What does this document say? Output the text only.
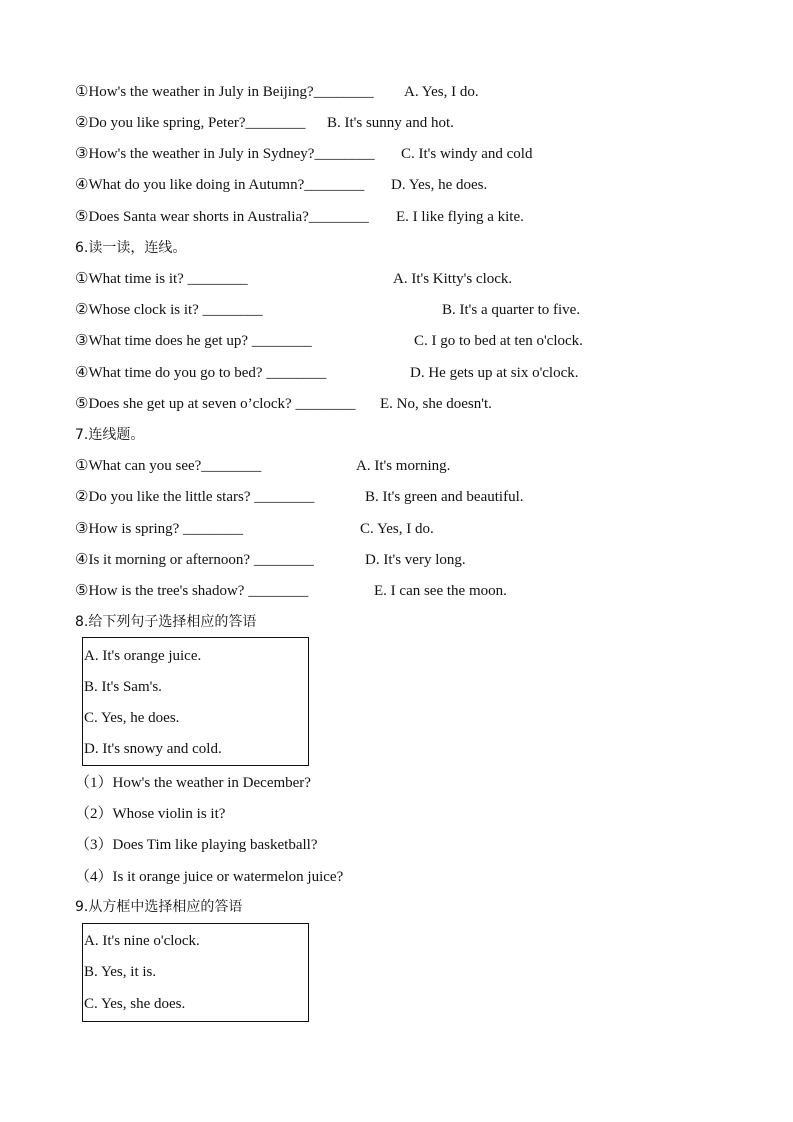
①How's the weather in July in Beijing?________ A. Yes, I do.
②Do you like spring, Peter?________ B. It's sunny and hot.
③How's the weather in July in Sydney?________ C. It's windy and cold
④What do you like doing in Autumn?________ D. Yes, he does.
⑤Does Santa wear shorts in Australia?________ E. I like flying a kite.
6.读一读，连线。
①What time is it? ________	A. It's Kitty's clock.
②Whose clock is it? ________	B. It's a quarter to five.
③What time does he get up? ________	C. I go to bed at ten o'clock.
④What time do you go to bed? ________	D. He gets up at six o'clock.
⑤Does she get up at seven o’clock? ________ E. No, she doesn't.
7.连线题。
①What can you see?________	A. It's morning.
②Do you like the little stars? ________	B. It's green and beautiful.
③How is spring? ________	C. Yes, I do.
④Is it morning or afternoon? ________	D. It's very long.
⑤How is the tree's shadow? ________	E. I can see the moon.
8.给下列句子选择相应的答语
A. It's orange juice.
B. It's Sam's.
C. Yes, he does.
D. It's snowy and cold.
（1）How's the weather in December?
（2）Whose violin is it?
（3）Does Tim like playing basketball?
（4）Is it orange juice or watermelon juice?
9.从方框中选择相应的答语
A. It's nine o'clock.
B. Yes, it is.
C. Yes, she does.
